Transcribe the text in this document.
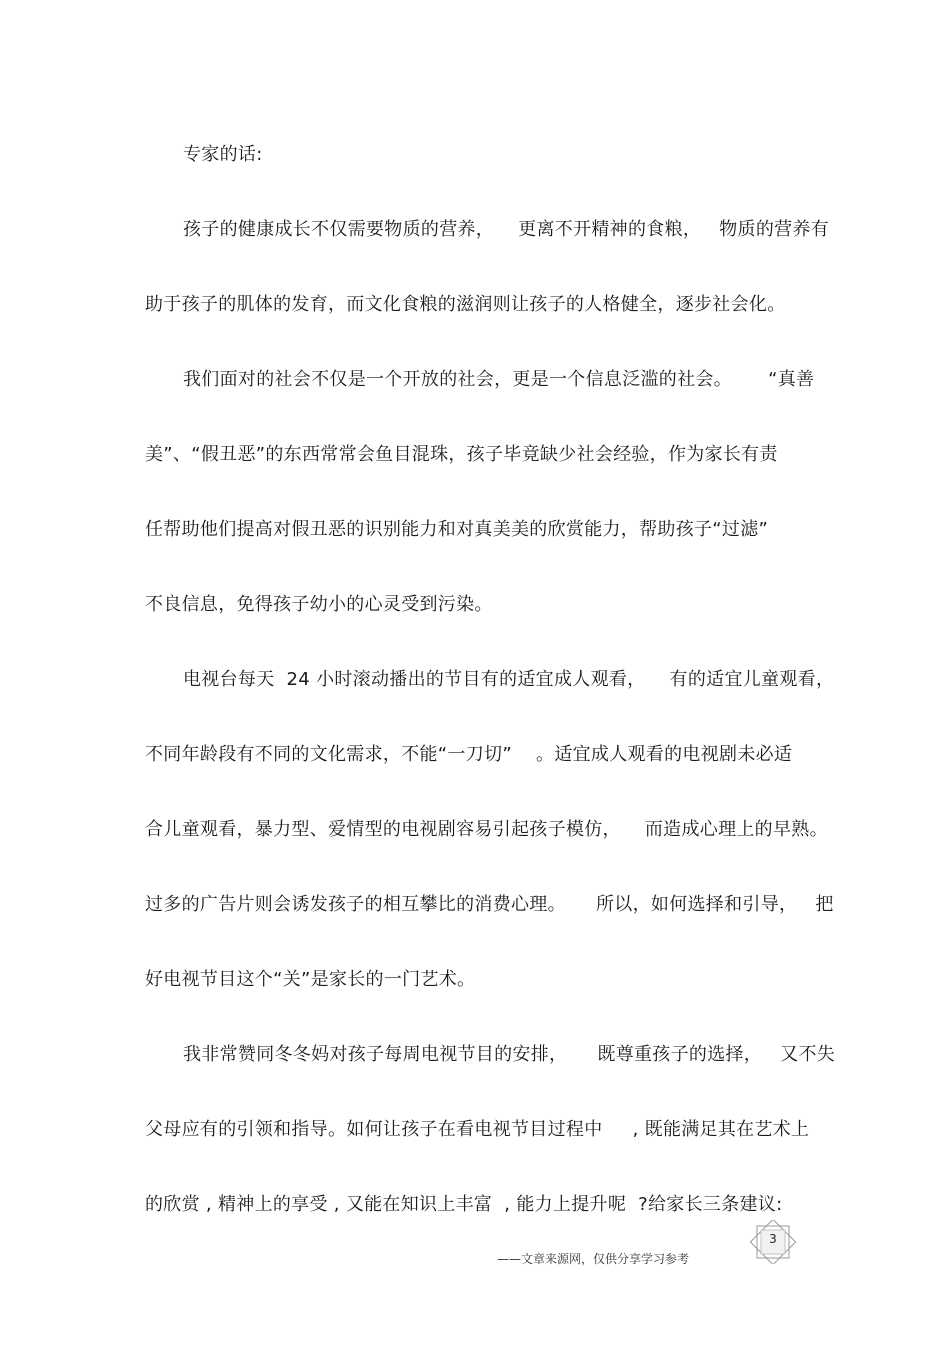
专家的话:
孩子的健康成长不仅需要物质的营养，    更离不开精神的食粮，   物质的营养有
助于孩子的肌体的发育，而文化食粮的滋润则让孩子的人格健全，逐步社会化。
我们面对的社会不仅是一个开放的社会，更是一个信息泛滥的社会。      “真善
美”、“假丑恶”的东西常常会鱼目混珠，孩子毕竟缺少社会经验，作为家长有责
任帮助他们提高对假丑恶的识别能力和对真美美的欣赏能力，帮助孩子“过滤”
不良信息，免得孩子幼小的心灵受到污染。
电视台每天  24 小时滚动播出的节目有的适宜成人观看，    有的适宜儿童观看，
不同年龄段有不同的文化需求，不能“一刀切”    。适宜成人观看的电视剧未必适
合儿童观看，暴力型、爱情型的电视剧容易引起孩子模仿，    而造成心理上的早熟。
过多的广告片则会诱发孩子的相互攀比的消费心理。     所以，如何选择和引导，   把
好电视节目这个“关”是家长的一门艺术。
我非常赞同冬冬妈对孩子每周电视节目的安排，     既尊重孩子的选择，   又不失
父母应有的引领和指导。如何让孩子在看电视节目过程中     , 既能满足其在艺术上
的欣赏 , 精神上的享受 , 又能在知识上丰富  , 能力上提升呢  ?给家长三条建议:
3
——文章来源网，仅供分享学习参考
